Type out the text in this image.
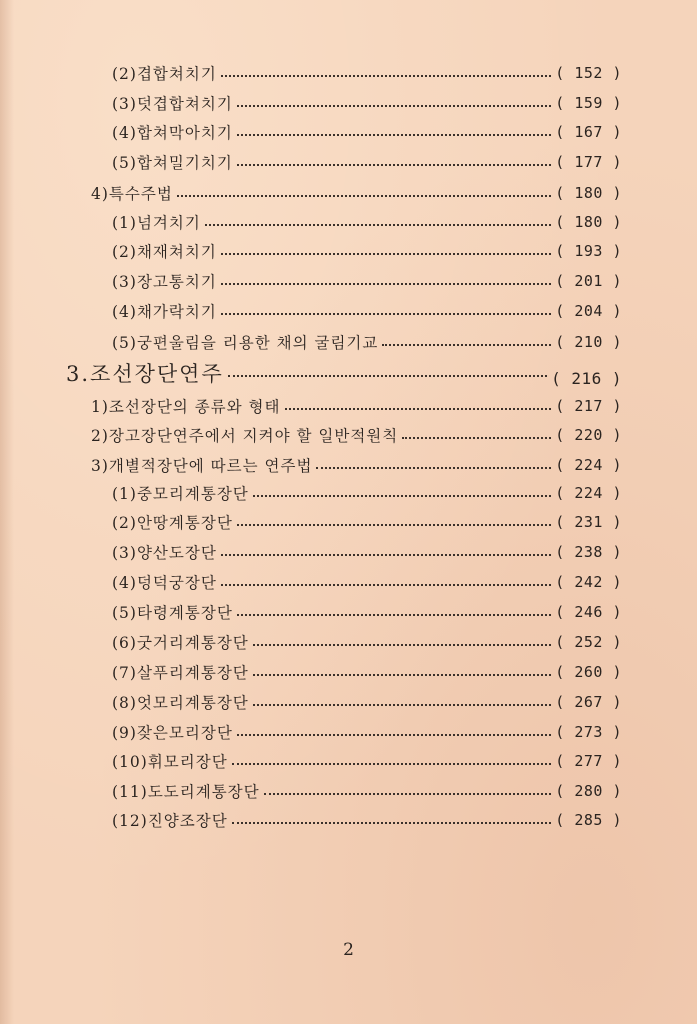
(2)겹합쳐치기	( 152 )
(3)덧겹합쳐치기	( 159 )
(4)합쳐막아치기	( 167 )
(5)합쳐밀기치기	( 177 )
4)특수주법	( 180 )
(1)넘겨치기	( 180 )
(2)채재쳐치기	( 193 )
(3)장고통치기	( 201 )
(4)채가락치기	( 204 )
(5)궁편울림을 리용한 채의 굴림기교	( 210 )
3.조선장단연주	( 216 )
1)조선장단의 종류와 형태	( 217 )
2)장고장단연주에서 지켜야 할 일반적원칙	( 220 )
3)개별적장단에 따르는 연주법	( 224 )
(1)중모리계통장단	( 224 )
(2)안땅계통장단	( 231 )
(3)양산도장단	( 238 )
(4)덩덕궁장단	( 242 )
(5)타령계통장단	( 246 )
(6)굿거리계통장단	( 252 )
(7)살푸리계통장단	( 260 )
(8)엇모리계통장단	( 267 )
(9)잦은모리장단	( 273 )
(10)휘모리장단	( 277 )
(11)도도리계통장단	( 280 )
(12)진양조장단	( 285 )
2
